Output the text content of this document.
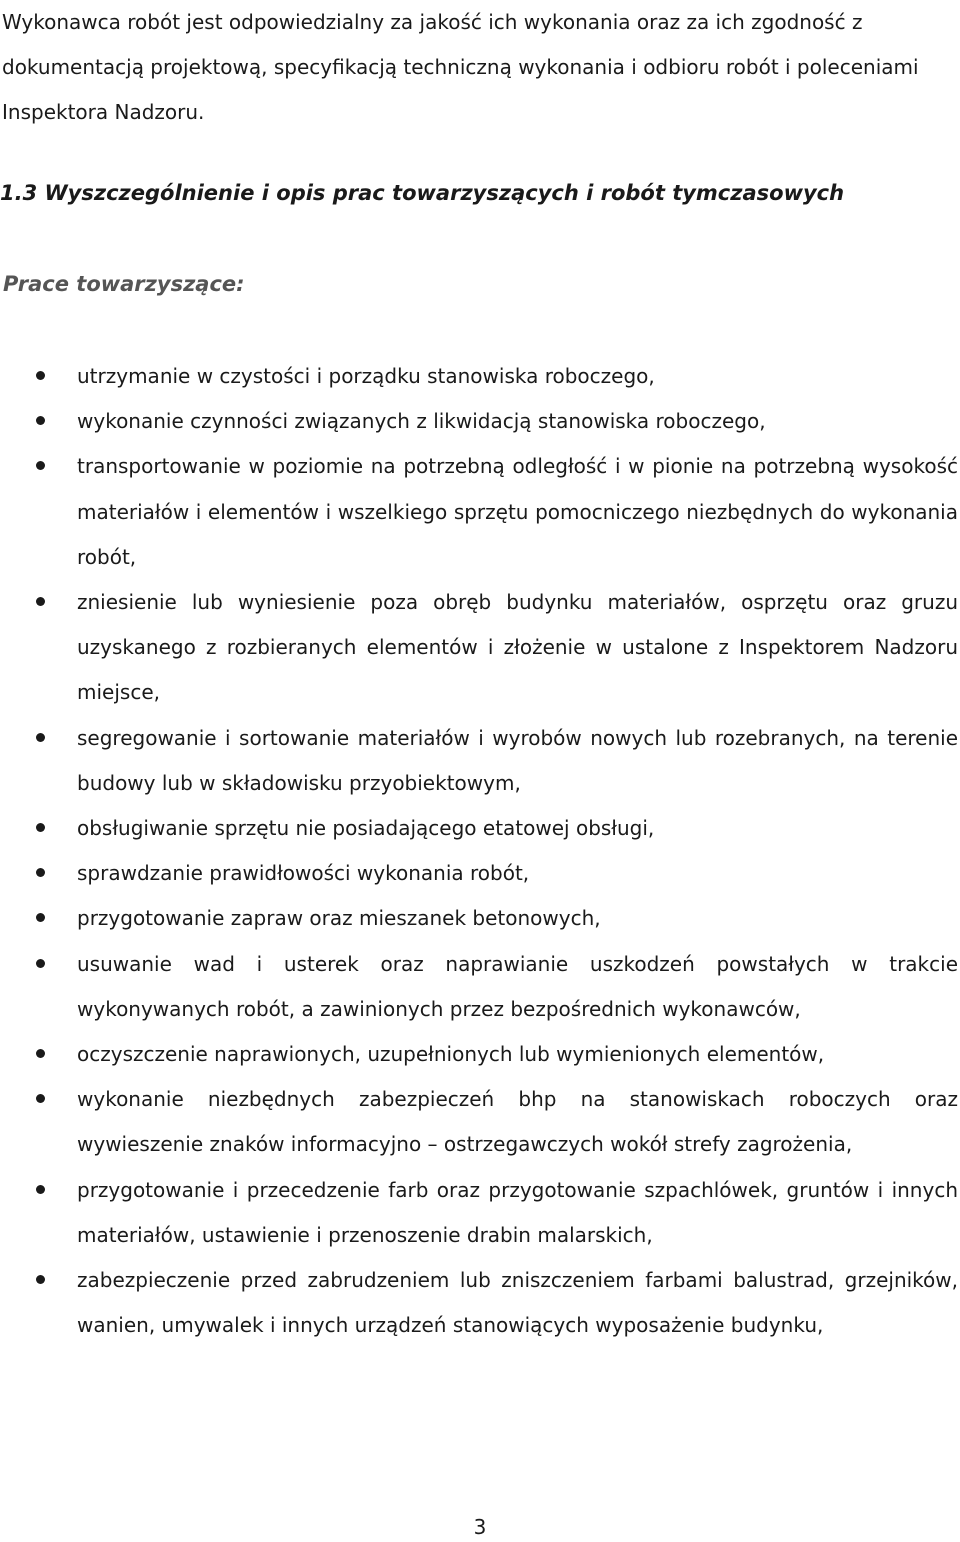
Wykonawca robót jest odpowiedzialny za jakość ich wykonania oraz za ich zgodność z dokumentacją projektową, specyfikacją techniczną wykonania i odbioru robót i poleceniami Inspektora Nadzoru.

1.3 Wyszczególnienie i opis prac towarzyszących i robót tymczasowych
Prace towarzyszące:
utrzymanie w czystości i porządku stanowiska roboczego,
wykonanie czynności związanych z likwidacją stanowiska roboczego,
transportowanie w poziomie na potrzebną odległość i w pionie na potrzebną wysokość materiałów i elementów i wszelkiego sprzętu pomocniczego niezbędnych do wykonania robót,
zniesienie lub wyniesienie poza obręb budynku materiałów, osprzętu oraz gruzu uzyskanego z rozbieranych elementów i złożenie w ustalone z Inspektorem Nadzoru miejsce,
segregowanie i sortowanie materiałów i wyrobów nowych lub rozebranych, na terenie budowy lub w składowisku przyobiektowym,
obsługiwanie sprzętu nie posiadającego etatowej obsługi,
sprawdzanie prawidłowości wykonania robót,
przygotowanie zapraw oraz mieszanek betonowych,
usuwanie wad i usterek oraz naprawianie uszkodzeń powstałych w trakcie wykonywanych robót, a zawinionych przez bezpośrednich wykonawców,
oczyszczenie naprawionych, uzupełnionych lub wymienionych elementów,
wykonanie niezbędnych zabezpieczeń bhp na stanowiskach roboczych oraz wywieszenie znaków informacyjno – ostrzegawczych wokół strefy zagrożenia,
przygotowanie i przecedzenie farb oraz przygotowanie szpachlówek, gruntów i innych materiałów, ustawienie i przenoszenie drabin malarskich,
zabezpieczenie przed zabrudzeniem lub zniszczeniem farbami balustrad, grzejników, wanien, umywalek i innych urządzeń stanowiących wyposażenie budynku,
3
